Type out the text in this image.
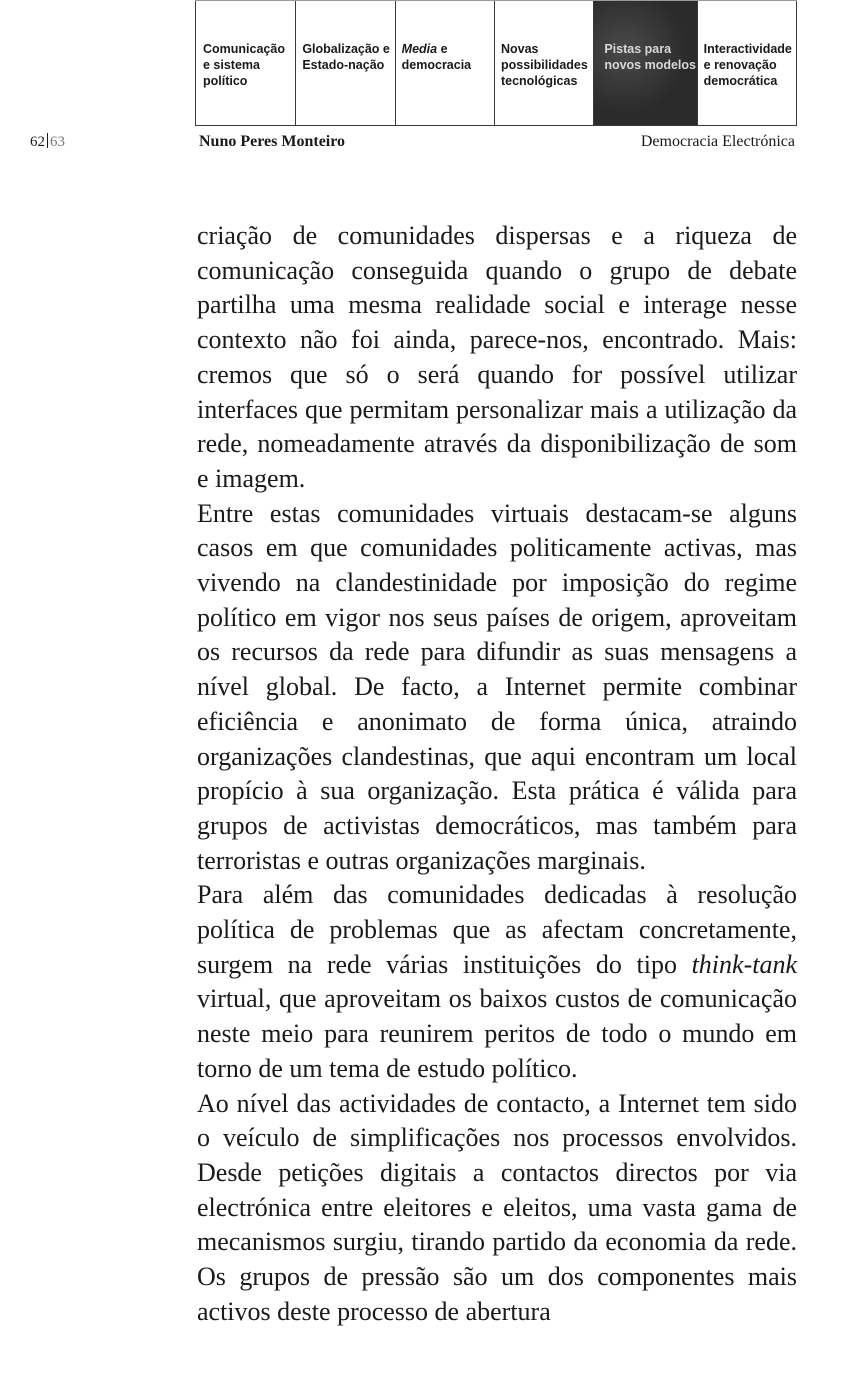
Comunicação
e sistema
político
Globalização e
Estado-nação
Media e
democracia
Novas
possibilidades
tecnológicas
Pistas para
novos modelos
Interactividade
e renovação
democrática
62 63	Nuno Peres Monteiro	Democracia Electrónica

criação de comunidades dispersas e a riqueza de comunicação conseguida quando o grupo de debate partilha uma mesma realidade social e interage nesse contexto não foi ainda, parece-nos, encontrado. Mais: cremos que só o será quando for possível utilizar interfaces que permitam personalizar mais a utilização da rede, nomeadamente através da disponibilização de som e imagem.

Entre estas comunidades virtuais destacam-se alguns casos em que comunidades politicamente activas, mas vivendo na clandestinidade por imposição do regime político em vigor nos seus países de origem, aproveitam os recursos da rede para difundir as suas mensagens a nível global. De facto, a Internet permite combinar eficiência e anonimato de forma única, atraindo organizações clandestinas, que aqui encontram um local propício à sua organização. Esta prática é válida para grupos de activistas democráticos, mas também para terroristas e outras organizações marginais.

Para além das comunidades dedicadas à resolução política de problemas que as afectam concretamente, surgem na rede várias instituições do tipo think-tank virtual, que aproveitam os baixos custos de comunicação neste meio para reunirem peritos de todo o mundo em torno de um tema de estudo político.

Ao nível das actividades de contacto, a Internet tem sido o veículo de simplificações nos processos envolvidos. Desde petições digitais a contactos directos por via electrónica entre eleitores e eleitos, uma vasta gama de mecanismos surgiu, tirando partido da economia da rede. Os grupos de pressão são um dos componentes mais activos deste processo de abertura
